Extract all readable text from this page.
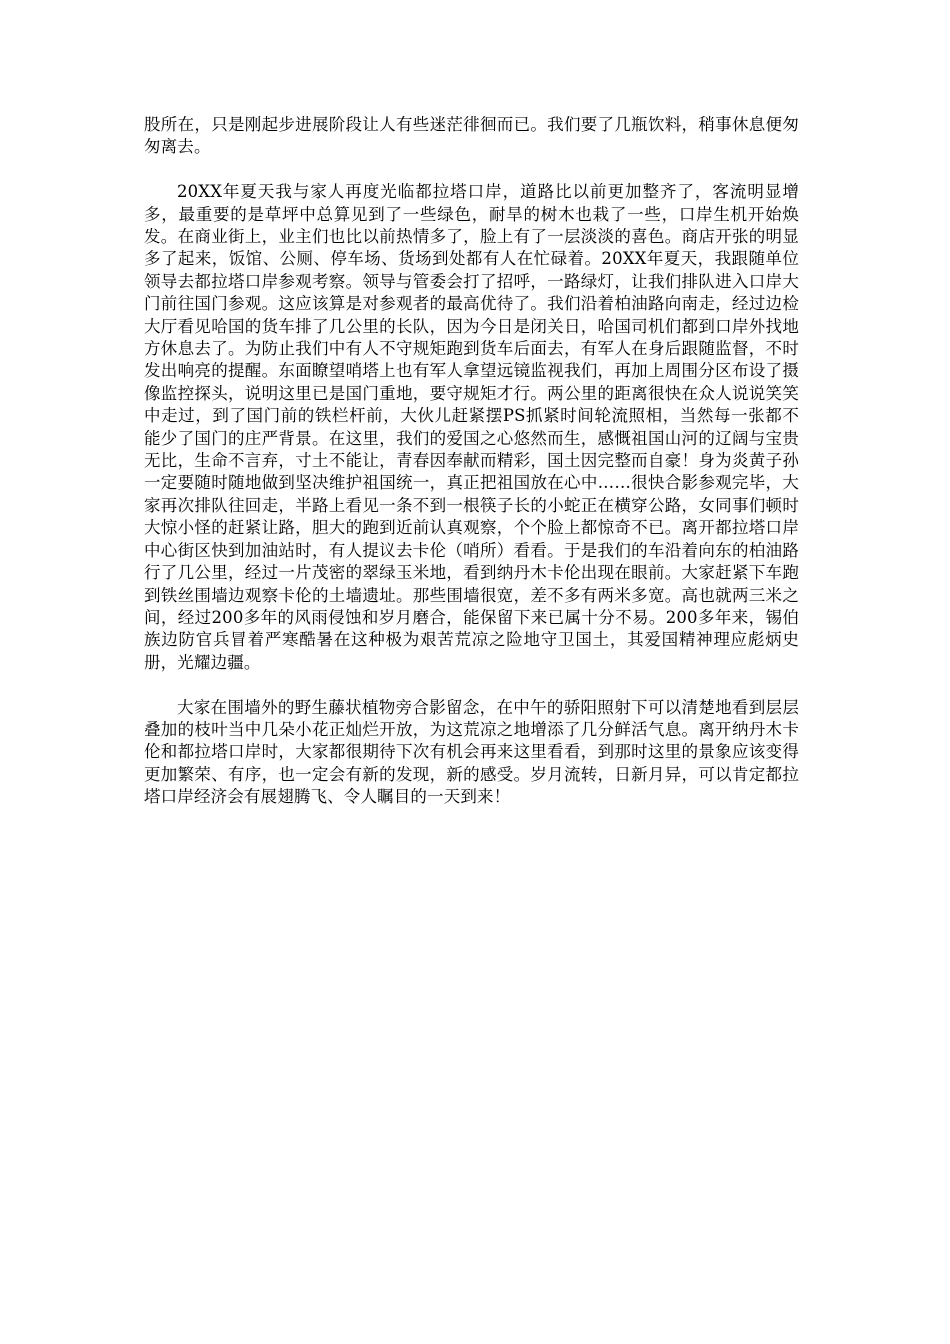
股所在，只是刚起步进展阶段让人有些迷茫徘徊而已。我们要了几瓶饮料，稍事休息便匆匆离去。

20XX年夏天我与家人再度光临都拉塔口岸，道路比以前更加整齐了，客流明显增多，最重要的是草坪中总算见到了一些绿色，耐旱的树木也栽了一些，口岸生机开始焕发。在商业街上，业主们也比以前热情多了，脸上有了一层淡淡的喜色。商店开张的明显多了起来，饭馆、公厕、停车场、货场到处都有人在忙碌着。20XX年夏天，我跟随单位领导去都拉塔口岸参观考察。领导与管委会打了招呼，一路绿灯，让我们排队进入口岸大门前往国门参观。这应该算是对参观者的最高优待了。我们沿着柏油路向南走，经过边检大厅看见哈国的货车排了几公里的长队，因为今日是闭关日，哈国司机们都到口岸外找地方休息去了。为防止我们中有人不守规矩跑到货车后面去，有军人在身后跟随监督，不时发出响亮的提醒。东面瞭望哨塔上也有军人拿望远镜监视我们，再加上周围分区布设了摄像监控探头，说明这里已是国门重地，要守规矩才行。两公里的距离很快在众人说说笑笑中走过，到了国门前的铁栏杆前，大伙儿赶紧摆PS抓紧时间轮流照相，当然每一张都不能少了国门的庄严背景。在这里，我们的爱国之心悠然而生，感慨祖国山河的辽阔与宝贵无比，生命不言弃，寸土不能让，青春因奉献而精彩，国土因完整而自豪！身为炎黄子孙一定要随时随地做到坚决维护祖国统一，真正把祖国放在心中……很快合影参观完毕，大家再次排队往回走，半路上看见一条不到一根筷子长的小蛇正在横穿公路，女同事们顿时大惊小怪的赶紧让路，胆大的跑到近前认真观察，个个脸上都惊奇不已。离开都拉塔口岸中心街区快到加油站时，有人提议去卡伦（哨所）看看。于是我们的车沿着向东的柏油路行了几公里，经过一片茂密的翠绿玉米地，看到纳丹木卡伦出现在眼前。大家赶紧下车跑到铁丝围墙边观察卡伦的土墙遗址。那些围墙很宽，差不多有两米多宽。高也就两三米之间，经过200多年的风雨侵蚀和岁月磨合，能保留下来已属十分不易。200多年来，锡伯族边防官兵冒着严寒酷暑在这种极为艰苦荒凉之险地守卫国土，其爱国精神理应彪炳史册，光耀边疆。

大家在围墙外的野生藤状植物旁合影留念，在中午的骄阳照射下可以清楚地看到层层叠加的枝叶当中几朵小花正灿烂开放，为这荒凉之地增添了几分鲜活气息。离开纳丹木卡伦和都拉塔口岸时，大家都很期待下次有机会再来这里看看，到那时这里的景象应该变得更加繁荣、有序，也一定会有新的发现，新的感受。岁月流转，日新月异，可以肯定都拉塔口岸经济会有展翅腾飞、令人瞩目的一天到来！
